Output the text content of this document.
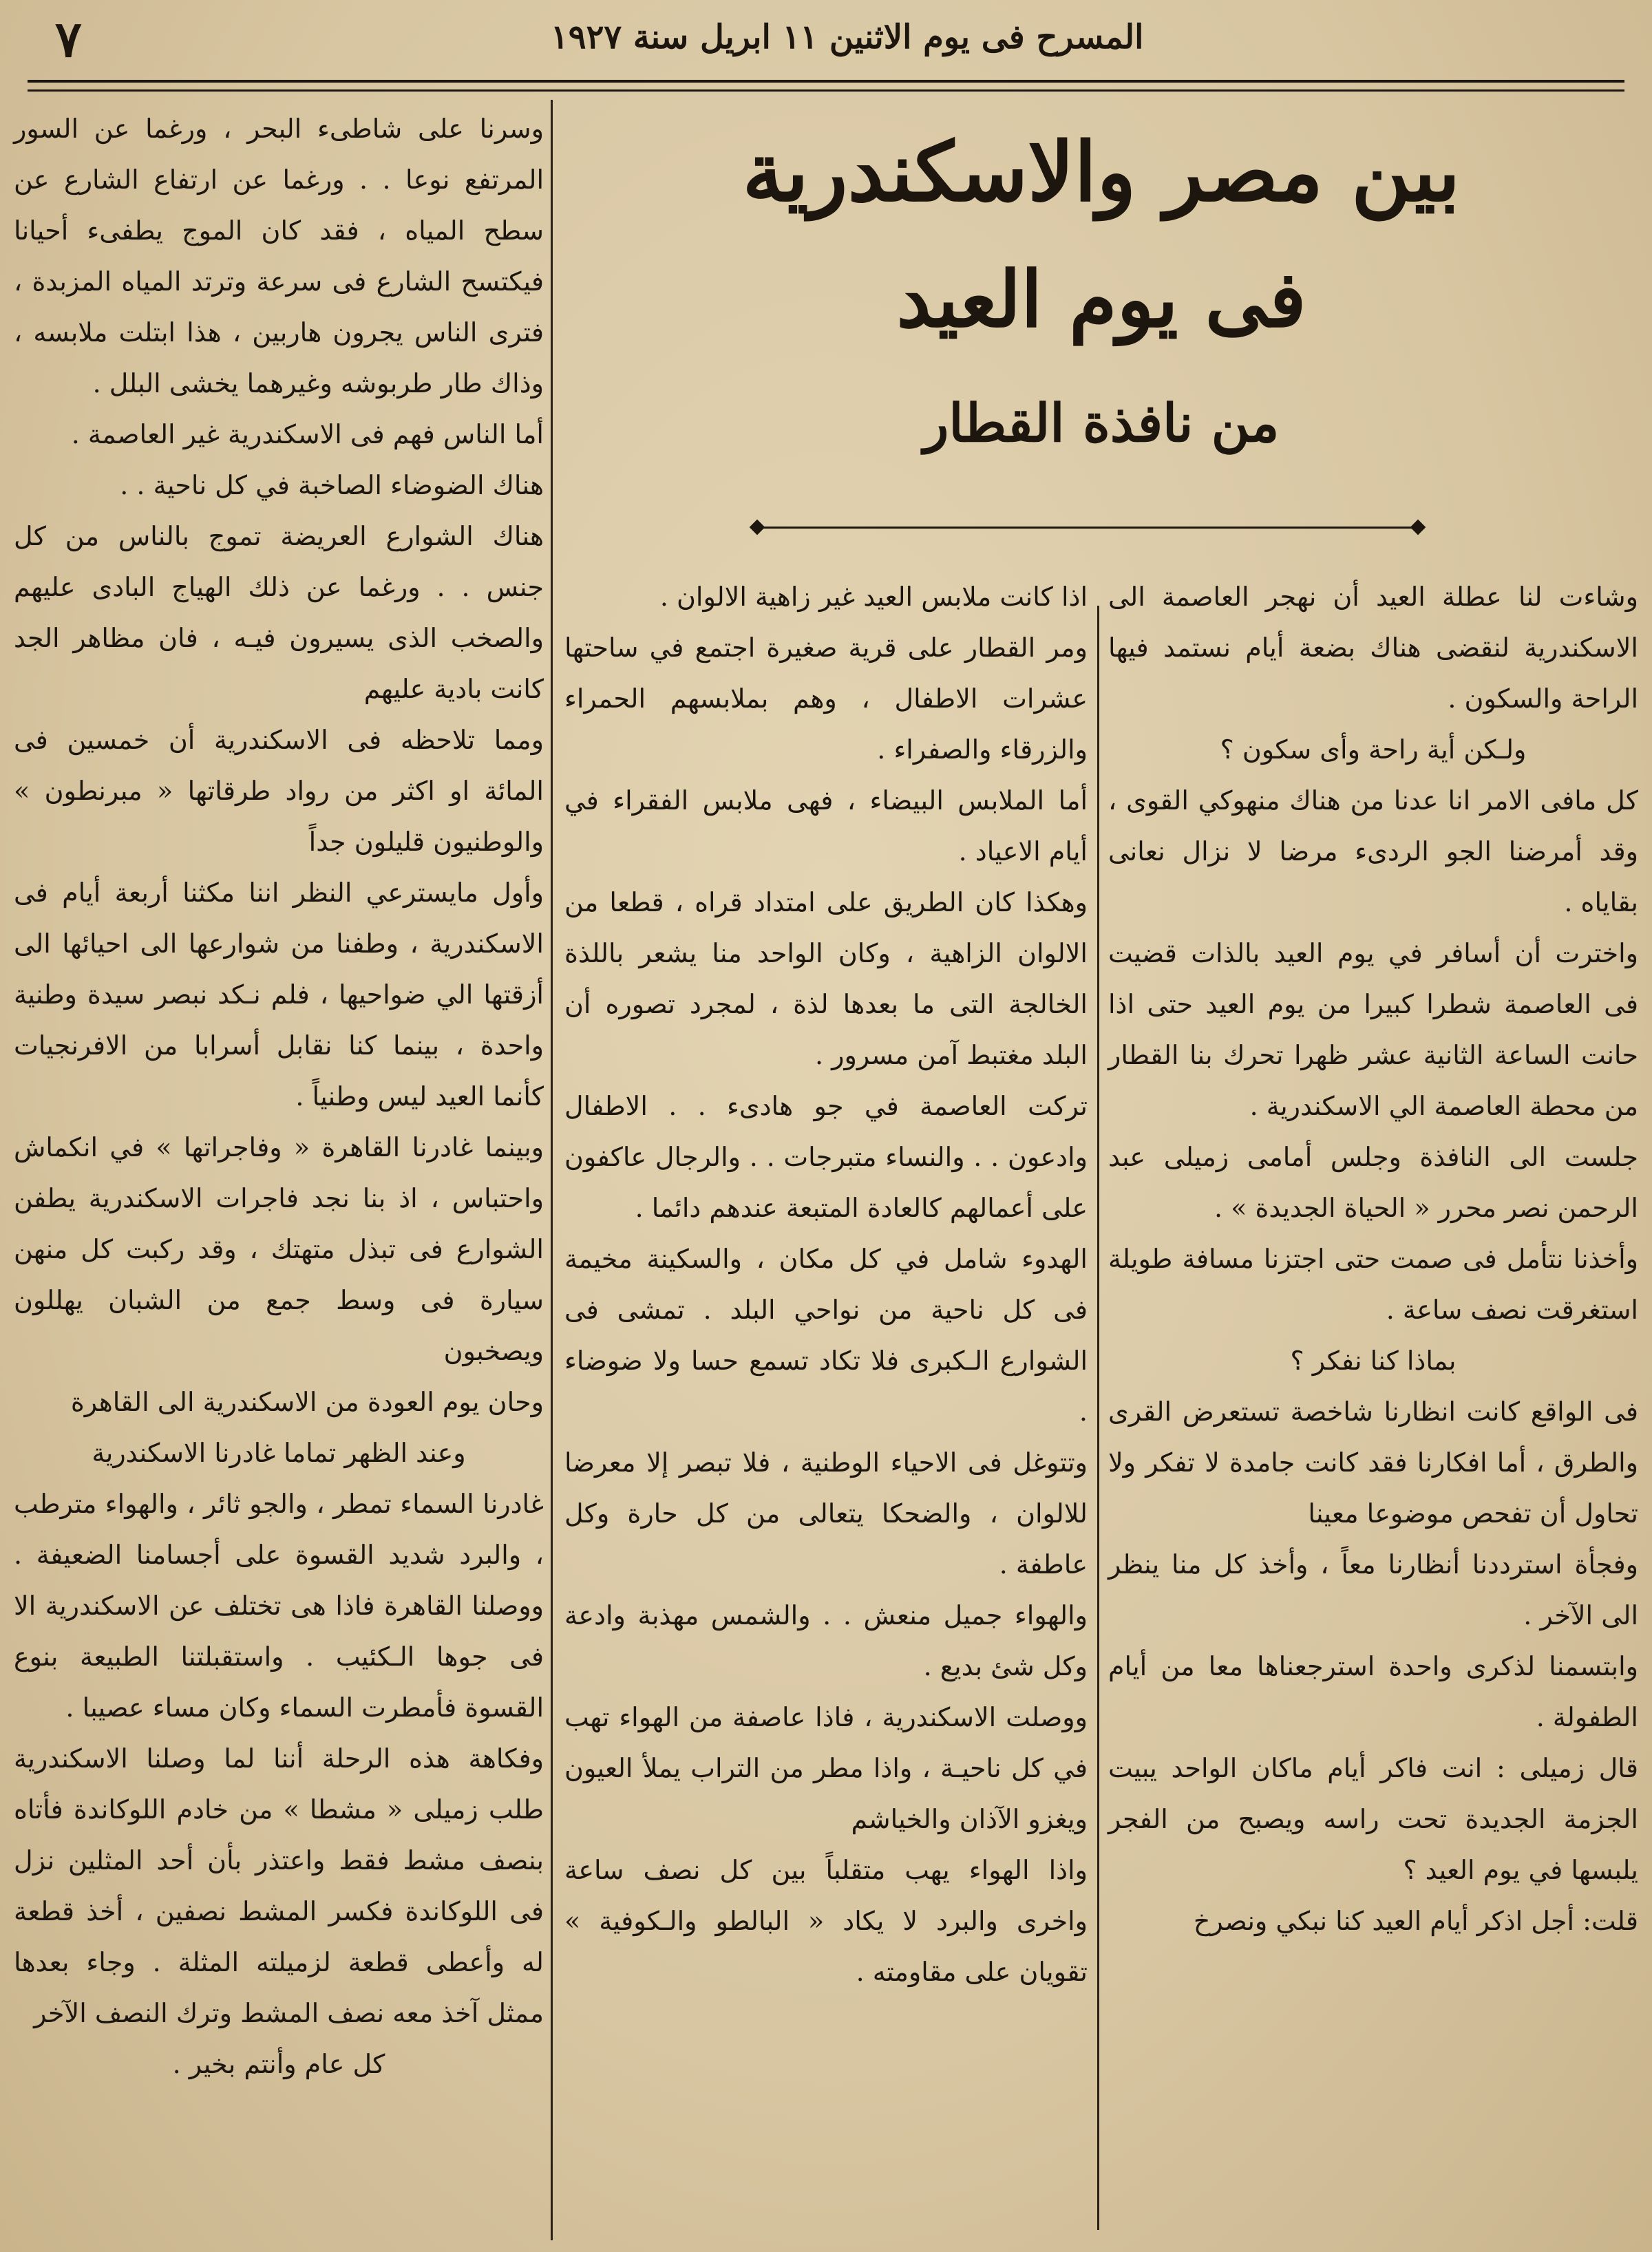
٧	المسرح فى يوم الاثنين ١١ ابريل سنة ١٩٢٧
بين مصر والاسكندرية
فى يوم العيد
من نافذة القطار

وشاءت لنا عطلة العيد أن نهجر العاصمة الى الاسكندرية لنقضى هناك بضعة أيام نستمد فيها الراحة والسكون .

ولـكن أية راحة وأى سكون ؟

كل مافى الامر انا عدنا من هناك منهوكي القوى ، وقد أمرضنا الجو الردىء مرضا لا نزال نعانى بقاياه .

واخترت أن أسافر في يوم العيد بالذات قضيت فى العاصمة شطرا كبيرا من يوم العيد حتى اذا حانت الساعة الثانية عشر ظهرا تحرك بنا القطار من محطة العاصمة الي الاسكندرية .

جلست الى النافذة وجلس أمامى زميلى عبد الرحمن نصر محرر « الحياة الجديدة » .

وأخذنا نتأمل فى صمت حتى اجتزنا مسافة طويلة استغرقت نصف ساعة .

بماذا كنا نفكر ؟

فى الواقع كانت انظارنا شاخصة تستعرض القرى والطرق ، أما افكارنا فقد كانت جامدة لا تفكر ولا تحاول أن تفحص موضوعا معينا

وفجأة استرددنا أنظارنا معاً ، وأخذ كل منا ينظر الى الآخر .

وابتسمنا لذكرى واحدة استرجعناها معا من أيام الطفولة .

قال زميلى : انت فاكر أيام ماكان الواحد يبيت الجزمة الجديدة تحت راسه ويصبح من الفجر يلبسها في يوم العيد ؟

قلت: أجل اذكر أيام العيد كنا نبكي ونصرخ

اذا كانت ملابس العيد غير زاهية الالوان .

ومر القطار على قرية صغيرة اجتمع في ساحتها عشرات الاطفال ، وهم بملابسهم الحمراء والزرقاء والصفراء .

أما الملابس البيضاء ، فهى ملابس الفقراء في أيام الاعياد .

وهكذا كان الطريق على امتداد قراه ، قطعا من الالوان الزاهية ، وكان الواحد منا يشعر باللذة الخالجة التى ما بعدها لذة ، لمجرد تصوره أن البلد مغتبط آمن مسرور .

تركت العاصمة في جو هادىء . . الاطفال وادعون . . والنساء متبرجات . . والرجال عاكفون على أعمالهم كالعادة المتبعة عندهم دائما .

الهدوء شامل في كل مكان ، والسكينة مخيمة فى كل ناحية من نواحي البلد . تمشى فى الشوارع الـكبرى فلا تكاد تسمع حسا ولا ضوضاء .

وتتوغل فى الاحياء الوطنية ، فلا تبصر إلا معرضا للالوان ، والضحكا يتعالى من كل حارة وكل عاطفة .

والهواء جميل منعش . . والشمس مهذبة وادعة وكل شئ بديع .

ووصلت الاسكندرية ، فاذا عاصفة من الهواء تهب في كل ناحيـة ، واذا مطر من التراب يملأ العيون ويغزو الآذان والخياشم

واذا الهواء يهب متقلباً بين كل نصف ساعة واخرى والبرد لا يكاد « البالطو والـكوفية » تقويان على مقاومته .

وسرنا على شاطىء البحر ، ورغما عن السور المرتفع نوعا . . ورغما عن ارتفاع الشارع عن سطح المياه ، فقد كان الموج يطفىء أحيانا فيكتسح الشارع فى سرعة وترتد المياه المزبدة ، فترى الناس يجرون هاربين ، هذا ابتلت ملابسه ، وذاك طار طربوشه وغيرهما يخشى البلل .

أما الناس فهم فى الاسكندرية غير العاصمة .

هناك الضوضاء الصاخبة في كل ناحية . .

هناك الشوارع العريضة تموج بالناس من كل جنس . . ورغما عن ذلك الهياج البادى عليهم والصخب الذى يسيرون فيـه ، فان مظاهر الجد كانت بادية عليهم

ومما تلاحظه فى الاسكندرية أن خمسين فى المائة او اكثر من رواد طرقاتها « مبرنطون » والوطنيون قليلون جداً

وأول مايسترعي النظر اننا مكثنا أربعة أيام فى الاسكندرية ، وطفنا من شوارعها الى احيائها الى أزقتها الي ضواحيها ، فلم نـكد نبصر سيدة وطنية واحدة ، بينما كنا نقابل أسرابا من الافرنجيات كأنما العيد ليس وطنياً .

وبينما غادرنا القاهرة « وفاجراتها » في انكماش واحتباس ، اذ بنا نجد فاجرات الاسكندرية يطفن الشوارع فى تبذل متهتك ، وقد ركبت كل منهن سيارة فى وسط جمع من الشبان يهللون ويصخبون

وحان يوم العودة من الاسكندرية الى القاهرة

وعند الظهر تماما غادرنا الاسكندرية

غادرنا السماء تمطر ، والجو ثائر ، والهواء مترطب ، والبرد شديد القسوة على أجسامنا الضعيفة . ووصلنا القاهرة فاذا هى تختلف عن الاسكندرية الا فى جوها الـكئيب . واستقبلتنا الطبيعة بنوع القسوة فأمطرت السماء وكان مساء عصيبا .

وفكاهة هذه الرحلة أننا لما وصلنا الاسكندرية طلب زميلى « مشطا » من خادم اللوكاندة فأتاه بنصف مشط فقط واعتذر بأن أحد المثلين نزل فى اللوكاندة فكسر المشط نصفين ، أخذ قطعة له وأعطى قطعة لزميلته المثلة . وجاء بعدها ممثل آخذ معه نصف المشط وترك النصف الآخر

كل عام وأنتم بخير .
